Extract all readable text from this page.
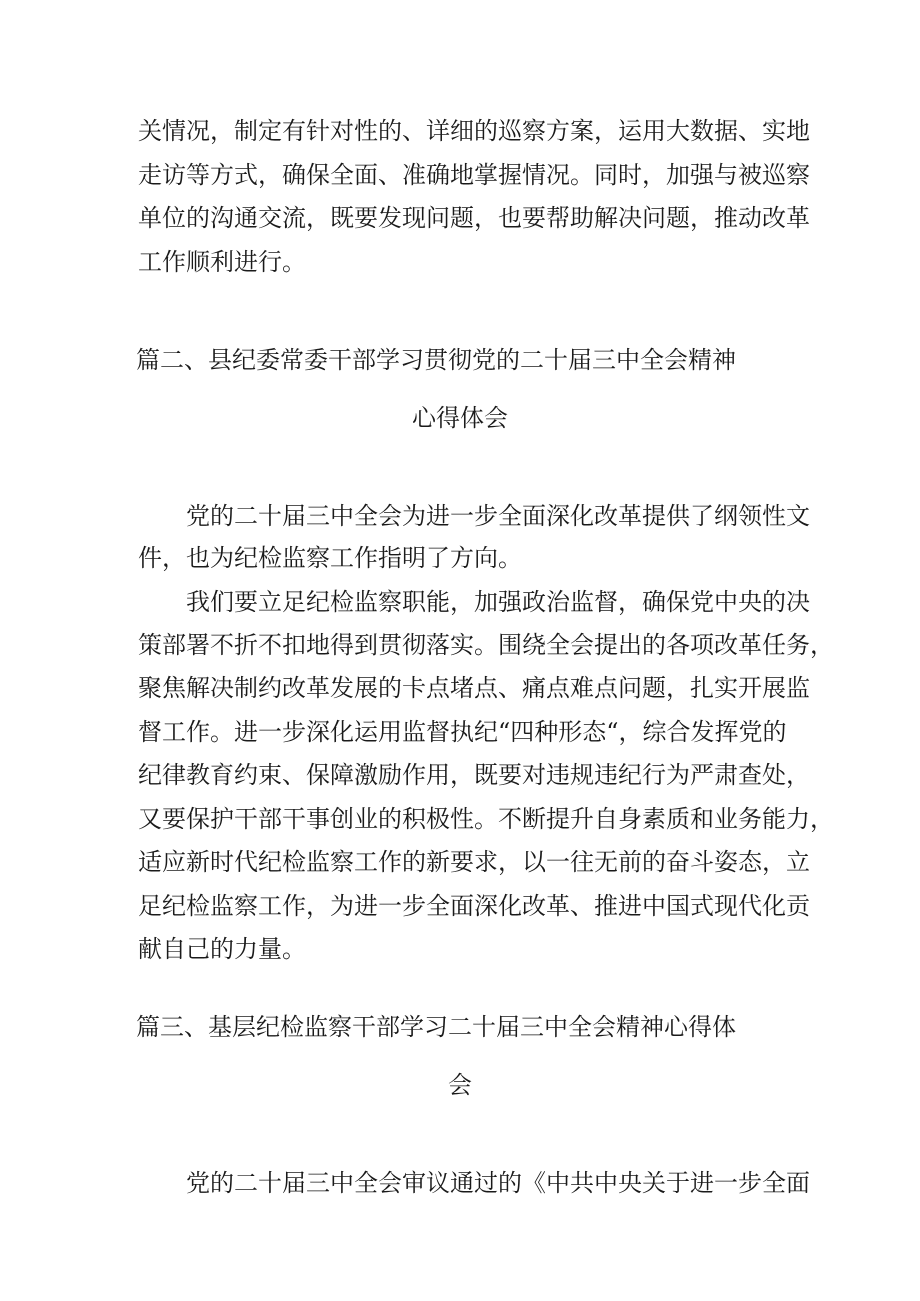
关情况，制定有针对性的、详细的巡察方案，运用大数据、实地
走访等方式，确保全面、准确地掌握情况。同时，加强与被巡察
单位的沟通交流，既要发现问题，也要帮助解决问题，推动改革
工作顺利进行。
篇二、县纪委常委干部学习贯彻党的二十届三中全会精神
心得体会
党的二十届三中全会为进一步全面深化改革提供了纲领性文
件，也为纪检监察工作指明了方向。
我们要立足纪检监察职能，加强政治监督，确保党中央的决
策部署不折不扣地得到贯彻落实。围绕全会提出的各项改革任务，
聚焦解决制约改革发展的卡点堵点、痛点难点问题，扎实开展监
督工作。进一步深化运用监督执纪“四种形态“，综合发挥党的
纪律教育约束、保障激励作用，既要对违规违纪行为严肃查处，
又要保护干部干事创业的积极性。不断提升自身素质和业务能力，
适应新时代纪检监察工作的新要求，以一往无前的奋斗姿态，立
足纪检监察工作，为进一步全面深化改革、推进中国式现代化贡
献自己的力量。
篇三、基层纪检监察干部学习二十届三中全会精神心得体
会
党的二十届三中全会审议通过的《中共中央关于进一步全面
